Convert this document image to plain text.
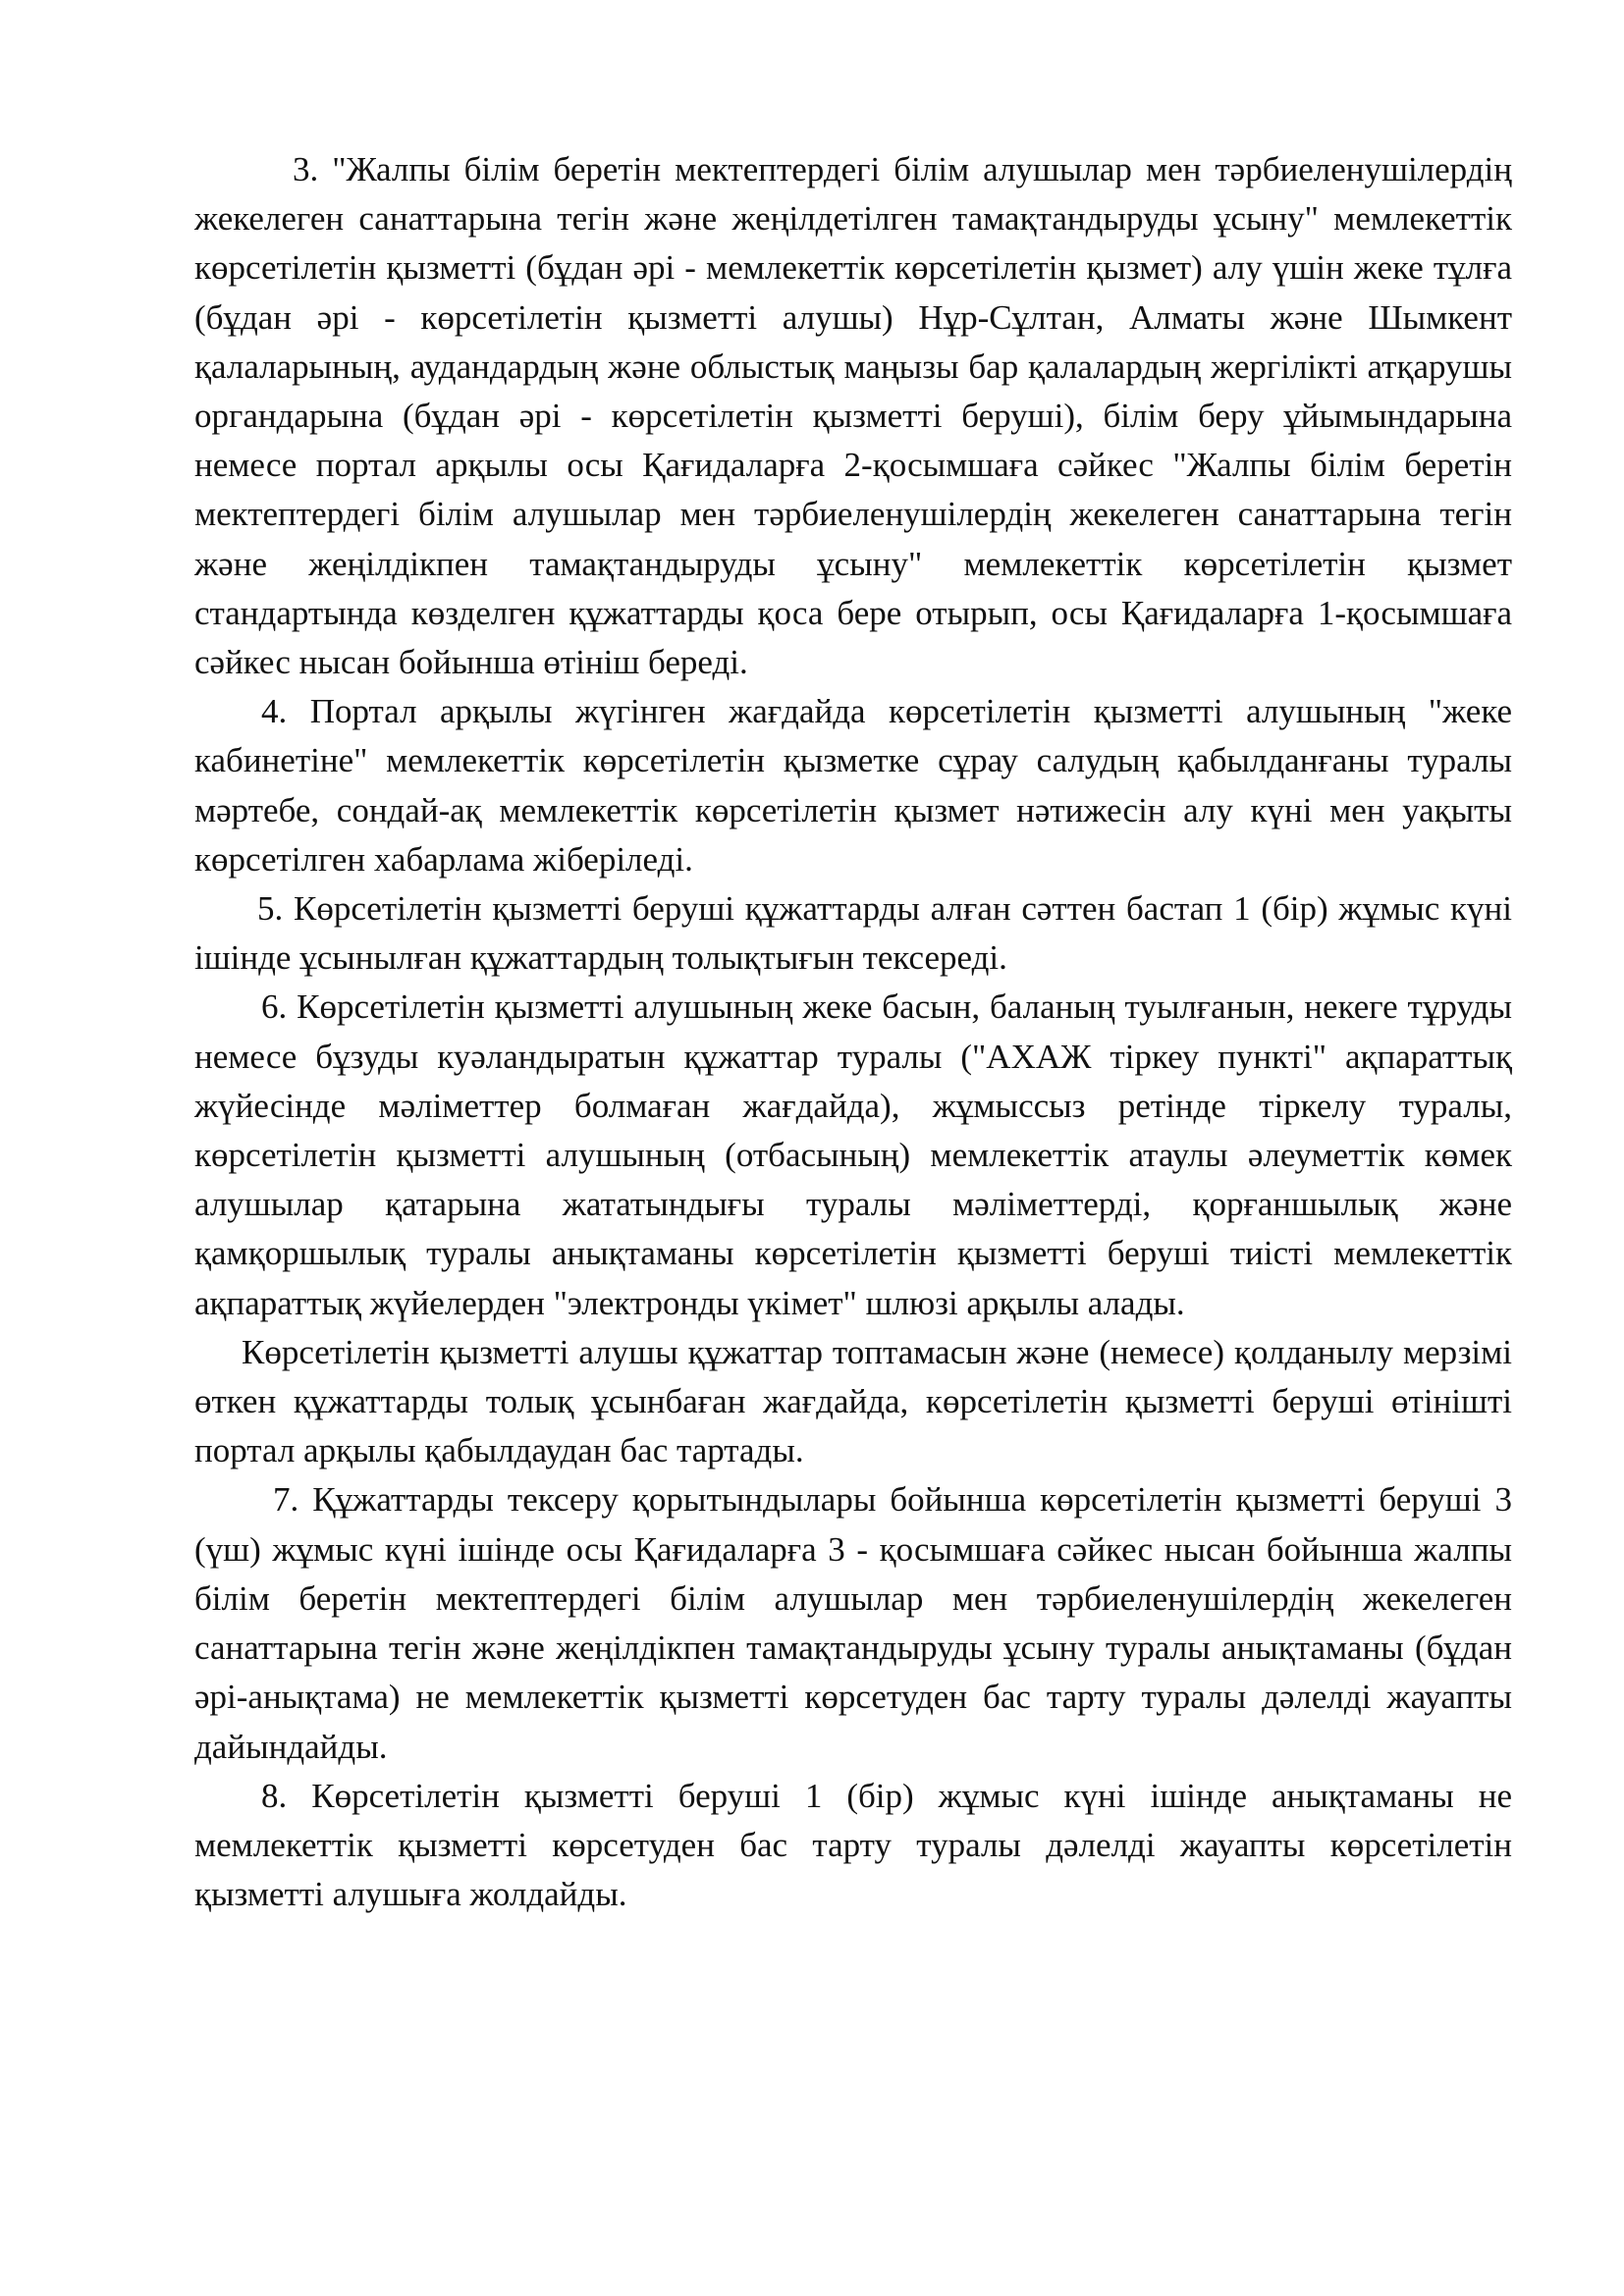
3. "Жалпы білім беретін мектептердегі білім алушылар мен тәрбиеленушілердің жекелеген санаттарына тегін және жеңілдетілген тамақтандыруды ұсыну" мемлекеттік көрсетілетін қызметті (бұдан әрі - мемлекеттік көрсетілетін қызмет) алу үшін жеке тұлға (бұдан әрі - көрсетілетін қызметті алушы) Нұр-Сұлтан, Алматы және Шымкент қалаларының, аудандардың және облыстық маңызы бар қалалардың жергілікті атқарушы органдарына (бұдан әрі - көрсетілетін қызметті беруші), білім беру ұйымындарына немесе портал арқылы осы Қағидаларға 2-қосымшаға сәйкес "Жалпы білім беретін мектептердегі білім алушылар мен тәрбиеленушілердің жекелеген санаттарына тегін және жеңілдікпен тамақтандыруды ұсыну" мемлекеттік көрсетілетін қызмет стандартында көзделген құжаттарды қоса бере отырып, осы Қағидаларға 1-қосымшаға сәйкес нысан бойынша өтініш береді.

4. Портал арқылы жүгінген жағдайда көрсетілетін қызметті алушының "жеке кабинетіне" мемлекеттік көрсетілетін қызметке сұрау салудың қабылданғаны туралы мәртебе, сондай-ақ мемлекеттік көрсетілетін қызмет нәтижесін алу күні мен уақыты көрсетілген хабарлама жіберіледі.

5. Көрсетілетін қызметті беруші құжаттарды алған сәттен бастап 1 (бір) жұмыс күні ішінде ұсынылған құжаттардың толықтығын тексереді.

6. Көрсетілетін қызметті алушының жеке басын, баланың туылғанын, некеге тұруды немесе бұзуды куәландыратын құжаттар туралы ("АХАЖ тіркеу пункті" ақпараттық жүйесінде мәліметтер болмаған жағдайда), жұмыссыз ретінде тіркелу туралы, көрсетілетін қызметті алушының (отбасының) мемлекеттік атаулы әлеуметтік көмек алушылар қатарына жататындығы туралы мәліметтерді, қорғаншылық және қамқоршылық туралы анықтаманы көрсетілетін қызметті беруші тиісті мемлекеттік ақпараттық жүйелерден "электронды үкімет" шлюзі арқылы алады.

Көрсетілетін қызметті алушы құжаттар топтамасын және (немесе) қолданылу мерзімі өткен құжаттарды толық ұсынбаған жағдайда, көрсетілетін қызметті беруші өтінішті портал арқылы қабылдаудан бас тартады.

7. Құжаттарды тексеру қорытындылары бойынша көрсетілетін қызметті беруші 3 (үш) жұмыс күні ішінде осы Қағидаларға 3 - қосымшаға сәйкес нысан бойынша жалпы білім беретін мектептердегі білім алушылар мен тәрбиеленушілердің жекелеген санаттарына тегін және жеңілдікпен тамақтандыруды ұсыну туралы анықтаманы (бұдан әрі-анықтама) не мемлекеттік қызметті көрсетуден бас тарту туралы дәлелді жауапты дайындайды.

8. Көрсетілетін қызметті беруші 1 (бір) жұмыс күні ішінде анықтаманы не мемлекеттік қызметті көрсетуден бас тарту туралы дәлелді жауапты көрсетілетін қызметті алушыға жолдайды.
